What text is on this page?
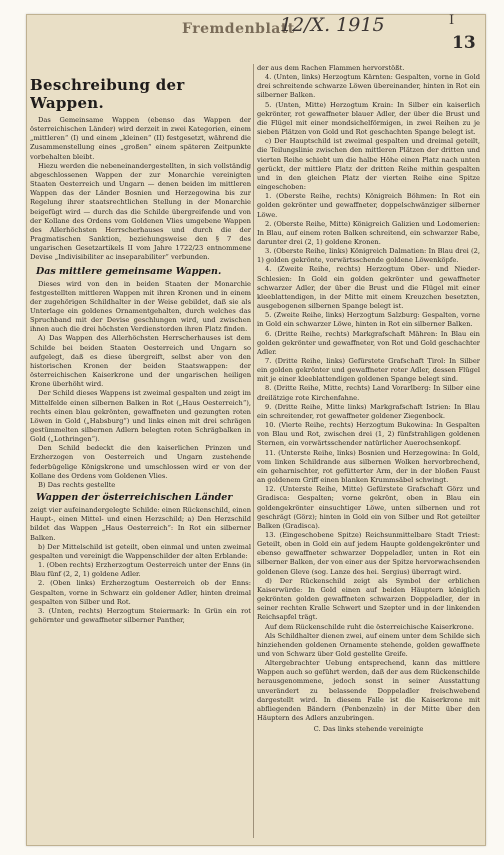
Fremdenblatt
12/X. 1915	I
13
Beschreibung der Wappen.

Das Gemeinsame Wappen (ebenso das Wappen der österreichischen Länder) wird derzeit in zwei Kategorien, einem „mittleren“ (I) und einem „kleinen“ (II) festgesetzt, während die Zusammenstellung eines „großen“ einem späteren Zeitpunkte vorbehalten bleibt.

Hiezu werden die nebeneinandergestellten, in sich vollständig abgeschlossenen Wappen der zur Monarchie vereinigten Staaten Oesterreich und Ungarn — denen beiden im mittleren Wappen das der Länder Bosnien und Herzegowina bis zur Regelung ihrer staatsrechtlichen Stellung in der Monarchie beigefügt wird — durch das die Schilde übergreifende und von der Kollane des Ordens vom Goldenen Vlies umgebene Wappen des Allerhöchsten Herrscherhauses und durch die der Pragmatischen Sanktion, beziehungsweise den § 7 des ungarischen Gesetzartikels II vom Jahre 1722/23 entnommene Devise „Indivisibiliter ac inseparabiliter“ verbunden.

Das mittlere gemeinsame Wappen.

Dieses wird von den in beiden Staaten der Monarchie festgestellten mittleren Wappen mit ihren Kronen und in einem der zugehörigen Schildhalter in der Weise gebildet, daß sie als Unterlage ein goldenes Ornamentgehalten, durch welches das Spruchband mit der Devise geschlungen wird, und zwischen ihnen auch die drei höchsten Verdienstorden ihren Platz finden.

A) Das Wappen des Allerhöchsten Herrscherhauses ist dem Schilde bei beiden Staaten Oesterreich und Ungarn so aufgelegt, daß es diese übergreift, selbst aber von den historischen Kronen der beiden Staatswappen: der österreichischen Kaiserkrone und der ungarischen heiligen Krone überhöht wird.

Der Schild dieses Wappens ist zweimal gespalten und zeigt im Mittelfelde einen silbernen Balken in Rot („Haus Oesterreich“), rechts einen blau gekrönten, gewaffneten und gezungten roten Löwen in Gold („Habsburg“) und links einen mit drei schrägen gestümmelten silbernen Adlern belegten roten Schrägbalken in Gold („Lothringen“).

Den Schild bedeckt die den kaiserlichen Prinzen und Erzherzogen von Oesterreich und Ungarn zustehende federbügelige Königskrone und umschlossen wird er von der Kollane des Ordens vom Goldenen Vlies.

B) Das rechts gestellte

Wappen der österreichischen Länder

zeigt vier aufeinandergelegte Schilde: einen Rückenschild, einen Haupt-, einen Mittel- und einen Herzschild; a) Den Herzschild bildet das Wappen „Haus Oesterreich“: In Rot ein silberner Balken.

b) Der Mittelschild ist geteilt, oben einmal und unten zweimal gespalten und vereinigt die Wappenschilder der alten Erblande:

1. (Oben rechts) Erzherzogtum Oesterreich unter der Enns (in Blau fünf (2, 2, 1) goldene Adler.

2. (Oben links) Erzherzogtum Oesterreich ob der Enns: Gespalten, vorne in Schwarz ein goldener Adler, hinten dreimal gespalten von Silber und Rot.

3. (Unten, rechts) Herzogtum Steiermark: In Grün ein rot gehörnter und gewaffneter silberner Panther,

der aus dem Rachen Flammen hervorstößt.

4. (Unten, links) Herzogtum Kärnten: Gespalten, vorne in Gold drei schreitende schwarze Löwen übereinander, hinten in Rot ein silberner Balken.

5. (Unten, Mitte) Herzogtum Krain: In Silber ein kaiserlich gekrönter, rot gewaffneter blauer Adler, der über die Brust und die Flügel mit einer mondsichelförmigen, in zwei Reihen zu je sieben Plätzen von Gold und Rot geschachten Spange belegt ist.

c) Der Hauptschild ist zweimal gespalten und dreimal geteilt, die Teilungslinie zwischen den mittleren Plätzen der dritten und vierten Reihe schiebt um die halbe Höhe einen Platz nach unten gerückt, der mittlere Platz der dritten Reihe mithin gespalten und in den gleichen Platz der vierten Reihe eine Spitze eingeschoben:

1. (Oberste Reihe, rechts) Königreich Böhmen: In Rot ein golden gekrönter und gewaffneter, doppelschwänziger silberner Löwe.

2. (Oberste Reihe, Mitte) Königreich Galizien und Lodomerien: In Blau, auf einem roten Balken schreitend, ein schwarzer Rabe, darunter drei (2, 1) goldene Kronen.

3. (Oberste Reihe, links) Königreich Dalmatien: In Blau drei (2, 1) golden gekrönte, vorwärtsschende goldene Löwenköpfe.

4. (Zweite Reihe, rechts) Herzogtum Ober- und Nieder-Schlesien: In Gold ein golden gekrönter und gewaffneter schwarzer Adler, der über die Brust und die Flügel mit einer kleeblattendigen, in der Mitte mit einem Kreuzchen besetzten, ausgebogenen silbernen Spange belegt ist.

5. (Zweite Reihe, links) Herzogtum Salzburg: Gespalten, vorne in Gold ein schwarzer Löwe, hinten in Rot ein silberner Balken.

6. (Dritte Reihe, rechts) Markgrafschaft Mähren: In Blau ein golden gekrönter und gewaffneter, von Rot und Gold geschachter Adler.

7. (Dritte Reihe, links) Gefürstete Grafschaft Tirol: In Silber ein golden gekrönter und gewaffneter roter Adler, dessen Flügel mit je einer kleeblattendigen goldenen Spange belegt sind.

8. (Dritte Reihe, Mitte, rechts) Land Vorarlberg: In Silber eine dreilätzige rote Kirchenfahne.

9. (Dritte Reihe, Mitte links) Markgrafschaft Istrien: In Blau ein schreitender, rot gewaffneter goldener Ziegenbock.

10. (Vierte Reihe, rechts) Herzogtum Bukowina: In Gespalten von Blau und Rot, zwischen drei (1, 2) fünfstrahligen goldenen Sternen, ein vorwärtsschender natürlicher Auerochsenkopf.

11. (Unterste Reihe, links) Bosnien und Herzegowina: In Gold, vom linken Schildrande aus silbernen Wolken hervorbrechend, ein geharnischter, rot gefütterter Arm, der in der bloßen Faust an goldenem Griff einen blanken Krummsäbel schwingt.

12. (Unterste Reihe, Mitte) Gefürstete Grafschaft Görz und Gradisca: Gespalten; vorne gekrönt, oben in Blau ein goldengekrönter einsuchtiger Löwe, unten silbernen und rot geschrägt (Görz); hinten in Gold ein von Silber und Rot geteilter Balken (Gradisca).

13. (Eingeschobene Spitze) Reichsunmittelbare Stadt Triest: Geteilt, oben in Gold ein auf jedem Haupte goldengekrönter und ebenso gewaffneter schwarzer Doppeladler, unten in Rot ein silberner Balken, der von einer aus der Spitze hervorwachsenden goldenen Gleve (sog. Lanze des hei. Sergius) überragt wird.

d) Der Rückenschild zeigt als Symbol der erblichen Kaiserwürde: In Gold einen auf beiden Häuptern königlich gekrönten golden gewaffneten schwarzen Doppeladler, der in seiner rechten Kralle Schwert und Szepter und in der linkenden Reichsapfel trägt.

Auf dem Rückenschilde ruht die österreichische Kaiserkrone.

Als Schildhalter dienen zwei, auf einem unter dem Schilde sich hinziehenden goldenen Ornamente stehende, golden gewaffnete und von Schwarz über Gold gestellte Greife.

Altergebrachter Uebung entsprechend, kann das mittlere Wappen auch so geführt werden, daß der aus dem Rückenschilde herausgenommene, jedoch sonst in seiner Ausstattung unverändert zu belassende Doppeladler freischwebend dargestellt wird. In diesem Falle ist die Kaiserkrone mit abfliegenden Bändern (Penbenzeln) in der Mitte über den Häuptern des Adlers anzubringen.

C. Das links stehende vereinigte
